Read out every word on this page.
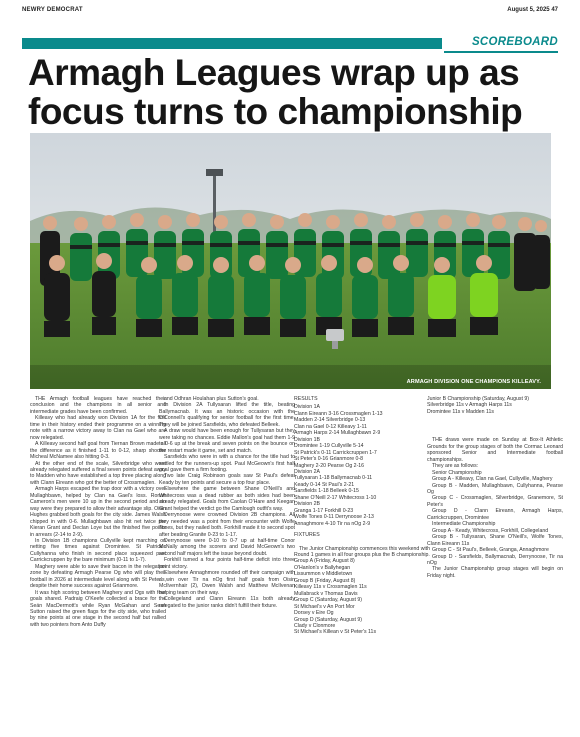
NEWRY DEMOCRAT	August 5, 2025 47
SCOREBOARD
Armagh Leagues wrap up as focus turns to championship
ARMAGH DIVISION ONE CHAMPIONS KILLEAVY.

THE Armagh football leagues have reached their conclusion and the champions in all senior and intermediate grades have been confirmed.

Killeavy who had already won Division 1A for the first time in their history ended their programme on a winning note with a narrow victory away to Clan na Gael who are now relegated.

A Killeavy second half goal from Tiernan Brown made all the difference as it finished 1-11 to 0-12, sharp shooter Micheal McNamee also hitting 0-3.

At the other end of the scale, Silverbridge who were already relegated suffered a final seven points defeat away to Madden who have established a top three placing along with Clann Eireann who got the better of Crossmaglen.

Armagh Harps escaped the trap door with a victory over Mullaghbawn, helped by Clan na Gael's loss. Ronan Cameron's men were 10 up in the second period and no way were they prepared to allow their advantage slip. Oisin Hughes grabbed both goals for the city side. James Walsh chipped in with 0-6. Mullaghbawn also hit net twice per Kieran Grant and Declan Loye but the finished five points in arrears (2-14 to 2-9).

In Division 1B champions Cullyville kept marching on netting five times against Dromintee. St Patrick's Cullyhanna who finish in second place squeezed past Carrickcruppen by the bare minimum (0-11 to 1-7).

Maghery were able to save their bacon in the relegation zone by defeating Armagh Pearse Og who will play their football in 2026 at intermediate level along with St Peter's, despite their home success against Grianmore.

It was high scoring between Maghery and Ogs with four goals shared. Padraig O'Keefe collected a brace for the Seán MacDermott's while Ryan McGahan and Sean Sutton raised the green flags for the city side, who trailed by nine points at one stage in the second half but rallied with two pointers from Anto Duffy

and Odhran Houlahan plus Sutton's goal.

In Division 2A Tullysaran lifted the title, beating Ballymacnab. It was an historic occasion with the O'Connell's qualifying for senior football for the first time. They will be joined Sarsfields, who defeated Belleek.

A draw would have been enough for Tullysaran but they were taking no chances. Eddie Mallon's goal had them 1-9 to 0-6 up at the break and seven points on the bounce on the restart made it game, set and match.

Sarsfields who were in with a chance for the title had to settled for the runners-up spot. Paul McGeown's first half goal gave them a firm footing.

Two late Craig Robinson goals saw St Paul's defeat Keady by ten points and secure a top four place.

Elsewhere the game between Shane O'Neill's and Whitecross was a dead rubber as both sides had been already relegated. Goals from Caolan O'Hare and Keegan Grant helped the verdict go the Camlough outfit's way.

Derrynoose were crowned Division 2B champions. All they needed was a point from their encounter with Wolfe Tones, but they nailed both. Forkhill made it to second spot after beating Granite 0-23 to 1-17.

Derrynoose were 0-10 to 0-7 up at half-time Conor McNally among the scorers and David McGeown's two second half majors left the issue beyond doubt.

Forkhill turned a four points half-time deficit into three point victory.

Elsewhere Annaghmore rounded off their campaign with a win over Tir na nOg first half goals from Oisin McIlvernhair (2), Owen Walsh and Matthew McIlvenan helping team on their way.

Collegeland and Clann Eireann 11s both already relegated to the junior ranks didn't fulfill their fixture.

RESULTS
Division 1A
Clann Eireann 3-16 Crossmaglen 1-13
Madden 2-14 Silverbridge 0-13
Clan na Gael 0-12 Killeavy 1-11
Armagh Harps 2-14 Mullaghbawn 2-9
Division 1B
Dromintee 1-19 Cullyville 5-14
St Patrick's 0-11 Carrickcruppen 1-7
St Peter's 0-16 Grianmore 0-8
Maghery 2-20 Pearse Og 2-16
Division 2A
Tullysaran 1-18 Ballymacnab 0-11
Keady 0-14 St Paul's 2-21
Sarsfields 1-18 Belleek 0-15
Shane O'Neill 2-17 Whitecross 1-10
Division 2B
Granga 1-17 Forkhill 0-23
Wolfe Tones 0-11 Derrynoose 2-13
Annaghmore 4-10 Tir na nOg 2-9
FIXTURES

The Junior Championship commences this weekend with Round 1 games in all four groups plus the B championship.

Group A (Friday, August 8)
O'Hanlon's v Ballyhegan
Lissummon v Middletown
Group B (Friday, August 8)
Killeavy 11s v Crossmaglen 11s
Mullabrack v Thomas Davis
Group C (Saturday, August 9)
St Michael's v An Port Mor
Dorsey v Eire Og
Group D (Saturday, August 9)
Clady v Clonmore
St Michael's Killean v St Peter's 11s
Junior B Championship (Saturday, August 9)
Silverbridge 11s v Armagh Harps 11s
Dromintee 11s v Madden 11s

THE draws were made on Sunday at Box-It Athletic Grounds for the group stages of both the Cormac Leonard sponsored Senior and Intermediate football championships.

They are as follows:

Senior Championship

Group A - Killeavy, Clan na Gael, Cullyville, Maghery

Group B - Madden, Mullaghbawn, Cullyhanna, Pearse Og

Group C - Crossmaglen, Silverbridge, Granemore, St Peter's

Group D - Clann Eireann, Armagh Harps, Carrickcruppen, Dromintee

Intermediate Championship

Group A - Keady, Whitecross, Forkhill, Collegeland

Group B - Tullysaran, Shane O'Neill's, Wolfe Tones, Clann Eireann 11s

Group C - St Paul's, Belleek, Granga, Annaghmore

Group D - Sarsfields, Ballymacnab, Derrynoose, Tir na nOg

The Junior Championship group stages will begin on Friday night.
